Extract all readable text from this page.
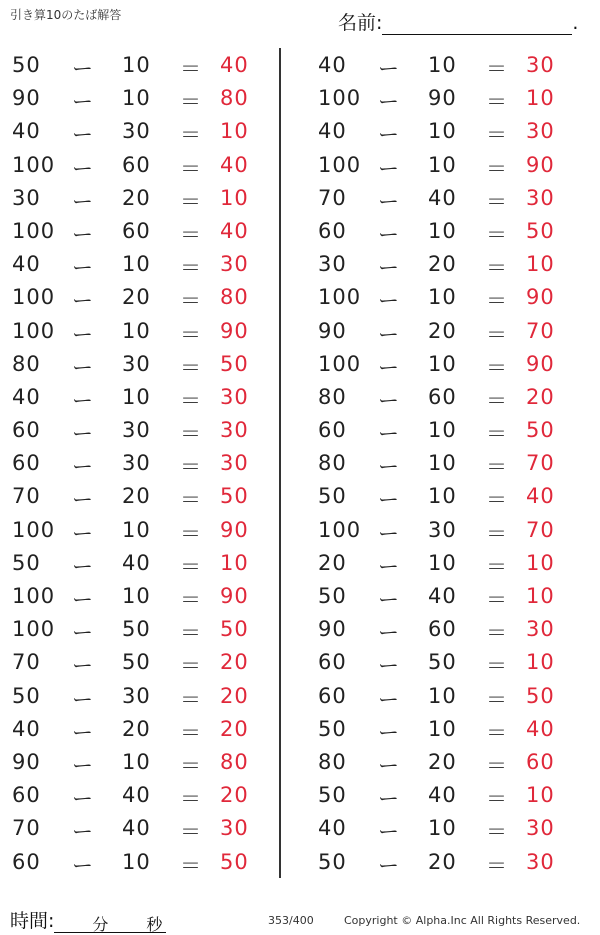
引き算10のたば解答	名前:	.
50 ー 10 ＝ 40
90 ー 10 ＝ 80
40 ー 30 ＝ 10
100 ー 60 ＝ 40
30 ー 20 ＝ 10
100 ー 60 ＝ 40
40 ー 10 ＝ 30
100 ー 20 ＝ 80
100 ー 10 ＝ 90
80 ー 30 ＝ 50
40 ー 10 ＝ 30
60 ー 30 ＝ 30
60 ー 30 ＝ 30
70 ー 20 ＝ 50
100 ー 10 ＝ 90
50 ー 40 ＝ 10
100 ー 10 ＝ 90
100 ー 50 ＝ 50
70 ー 50 ＝ 20
50 ー 30 ＝ 20
40 ー 20 ＝ 20
90 ー 10 ＝ 80
60 ー 40 ＝ 20
70 ー 40 ＝ 30
60 ー 10 ＝ 50
40 ー 10 ＝ 30
100 ー 90 ＝ 10
40 ー 10 ＝ 30
100 ー 10 ＝ 90
70 ー 40 ＝ 30
60 ー 10 ＝ 50
30 ー 20 ＝ 10
100 ー 10 ＝ 90
90 ー 20 ＝ 70
100 ー 10 ＝ 90
80 ー 60 ＝ 20
60 ー 10 ＝ 50
80 ー 10 ＝ 70
50 ー 10 ＝ 40
100 ー 30 ＝ 70
20 ー 10 ＝ 10
50 ー 40 ＝ 10
90 ー 60 ＝ 30
60 ー 50 ＝ 10
60 ー 10 ＝ 50
50 ー 10 ＝ 40
80 ー 20 ＝ 60
50 ー 40 ＝ 10
40 ー 10 ＝ 30
50 ー 20 ＝ 30
時間: 分 秒	353/400	Copyright © Alpha.Inc All Rights Reserved.
